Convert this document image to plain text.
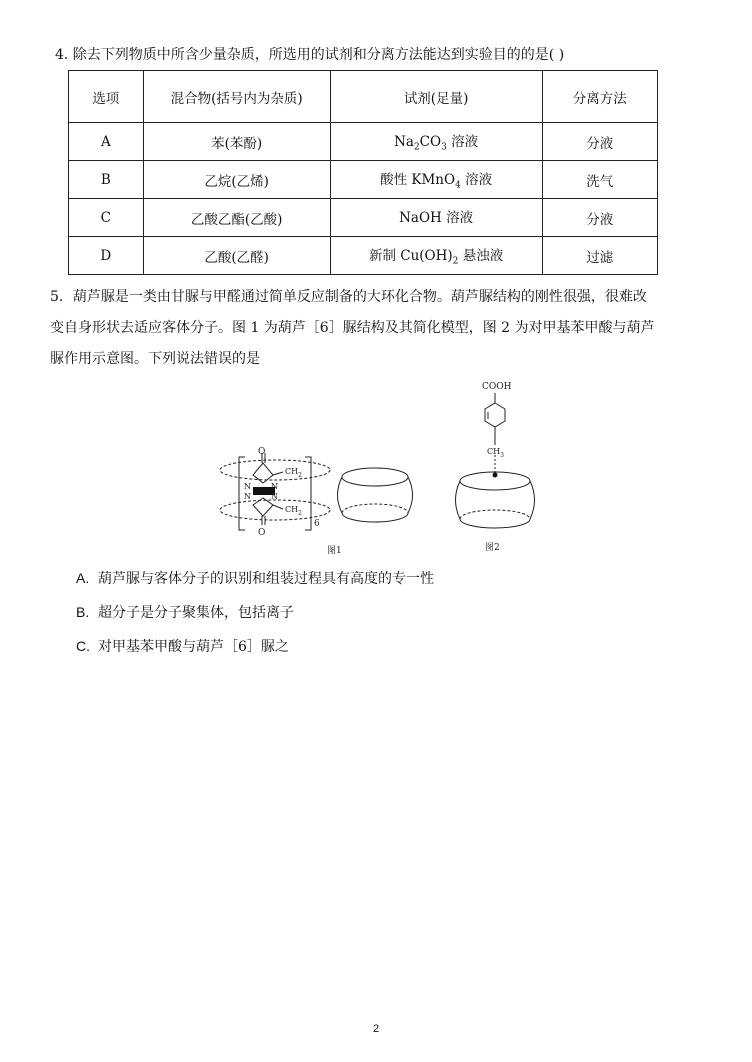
4. 除去下列物质中所含少量杂质，所选用的试剂和分离方法能达到实验目的的是( )
选项	混合物(括号内为杂质)	试剂(足量)	分离方法
A	苯(苯酚)	$Na_2CO_3$ 溶液	分液
B	乙烷(乙烯)	酸性 KMnO$_4$ 溶液	洗气
C	乙酸乙酯(乙酸)	NaOH 溶液	分液
D	乙酸(乙醛)	新制 $Cu(OH)_2$ 悬浊液	过滤

5．葫芦脲是一类由甘脲与甲醛通过简单反应制备的大环化合物。葫芦脲结构的刚性很强，很难改

变自身形状去适应客体分子。图 1 为葫芦［6］脲结构及其简化模型，图 2 为对甲基苯甲酸与葫芦

脲作用示意图。下列说法错误的是

O
O
N	N
N	N
$CH_2$
$CH_2$
6
图1
COOH
$CH_3$
图2
A. 葫芦脲与客体分子的识别和组装过程具有高度的专一性
B. 超分子是分子聚集体，包括离子
C. 对甲基苯甲酸与葫芦［6］脲之
2
